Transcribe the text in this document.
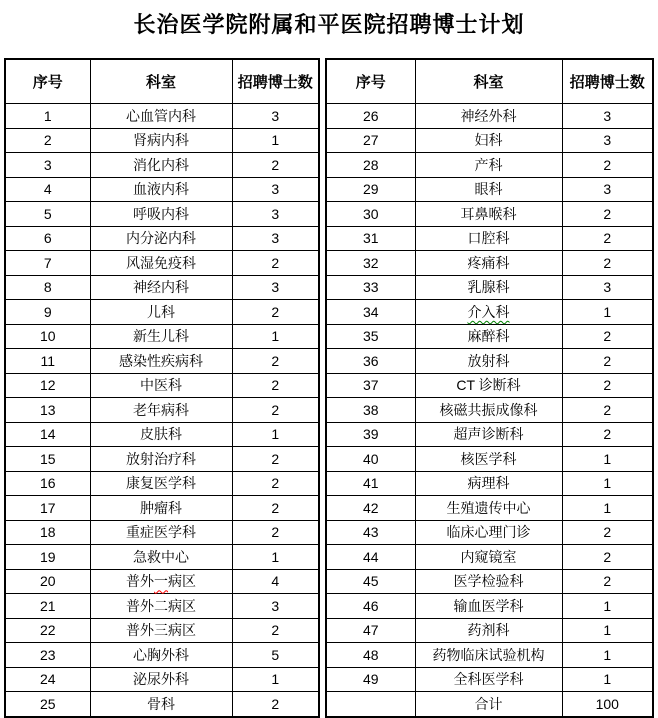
长治医学院附属和平医院招聘博士计划
序号	科室	招聘博士数
1	心血管内科	3
2	肾病内科	1
3	消化内科	2
4	血液内科	3
5	呼吸内科	3
6	内分泌内科	3
7	风湿免疫科	2
8	神经内科	3
9	儿科	2
10	新生儿科	1
11	感染性疾病科	2
12	中医科	2
13	老年病科	2
14	皮肤科	1
15	放射治疗科	2
16	康复医学科	2
17	肿瘤科	2
18	重症医学科	2
19	急救中心	1
20	普外一病区	4
21	普外二病区	3
22	普外三病区	2
23	心胸外科	5
24	泌尿外科	1
25	骨科	2
序号	科室	招聘博士数
26	神经外科	3
27	妇科	3
28	产科	2
29	眼科	3
30	耳鼻喉科	2
31	口腔科	2
32	疼痛科	2
33	乳腺科	3
34	介入科	1
35	麻醉科	2
36	放射科	2
37	CT 诊断科	2
38	核磁共振成像科	2
39	超声诊断科	2
40	核医学科	1
41	病理科	1
42	生殖遗传中心	1
43	临床心理门诊	2
44	内窥镜室	2
45	医学检验科	2
46	输血医学科	1
47	药剂科	1
48	药物临床试验机构	1
49	全科医学科	1
	合计	100
